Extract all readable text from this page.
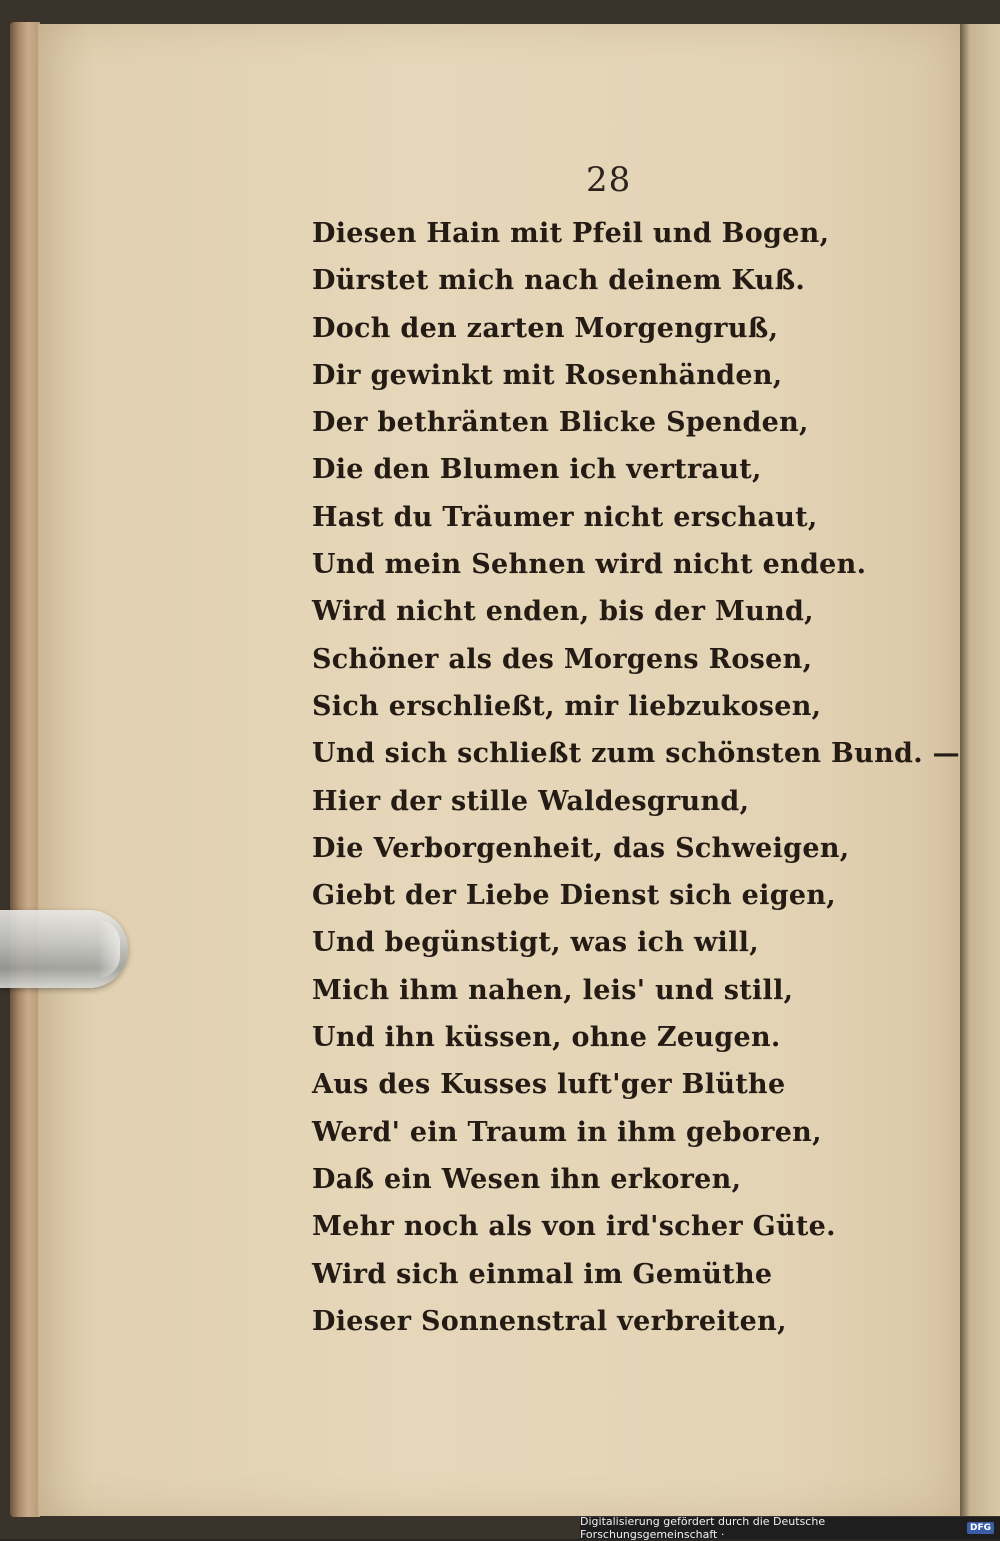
28
Diesen Hain mit Pfeil und Bogen,
Dürstet mich nach deinem Kuß.
Doch den zarten Morgengruß,
Dir gewinkt mit Rosenhänden,
Der bethränten Blicke Spenden,
Die den Blumen ich vertraut,
Hast du Träumer nicht erschaut,
Und mein Sehnen wird nicht enden.
Wird nicht enden, bis der Mund,
Schöner als des Morgens Rosen,
Sich erschließt, mir liebzukosen,
Und sich schließt zum schönsten Bund. —
Hier der stille Waldesgrund,
Die Verborgenheit, das Schweigen,
Giebt der Liebe Dienst sich eigen,
Und begünstigt, was ich will,
Mich ihm nahen, leis' und still,
Und ihn küssen, ohne Zeugen.
Aus des Kusses luft'ger Blüthe
Werd' ein Traum in ihm geboren,
Daß ein Wesen ihn erkoren,
Mehr noch als von ird'scher Güte.
Wird sich einmal im Gemüthe
Dieser Sonnenstral verbreiten,
Digitalisierung gefördert durch die Deutsche Forschungsgemeinschaft ·	DFG
